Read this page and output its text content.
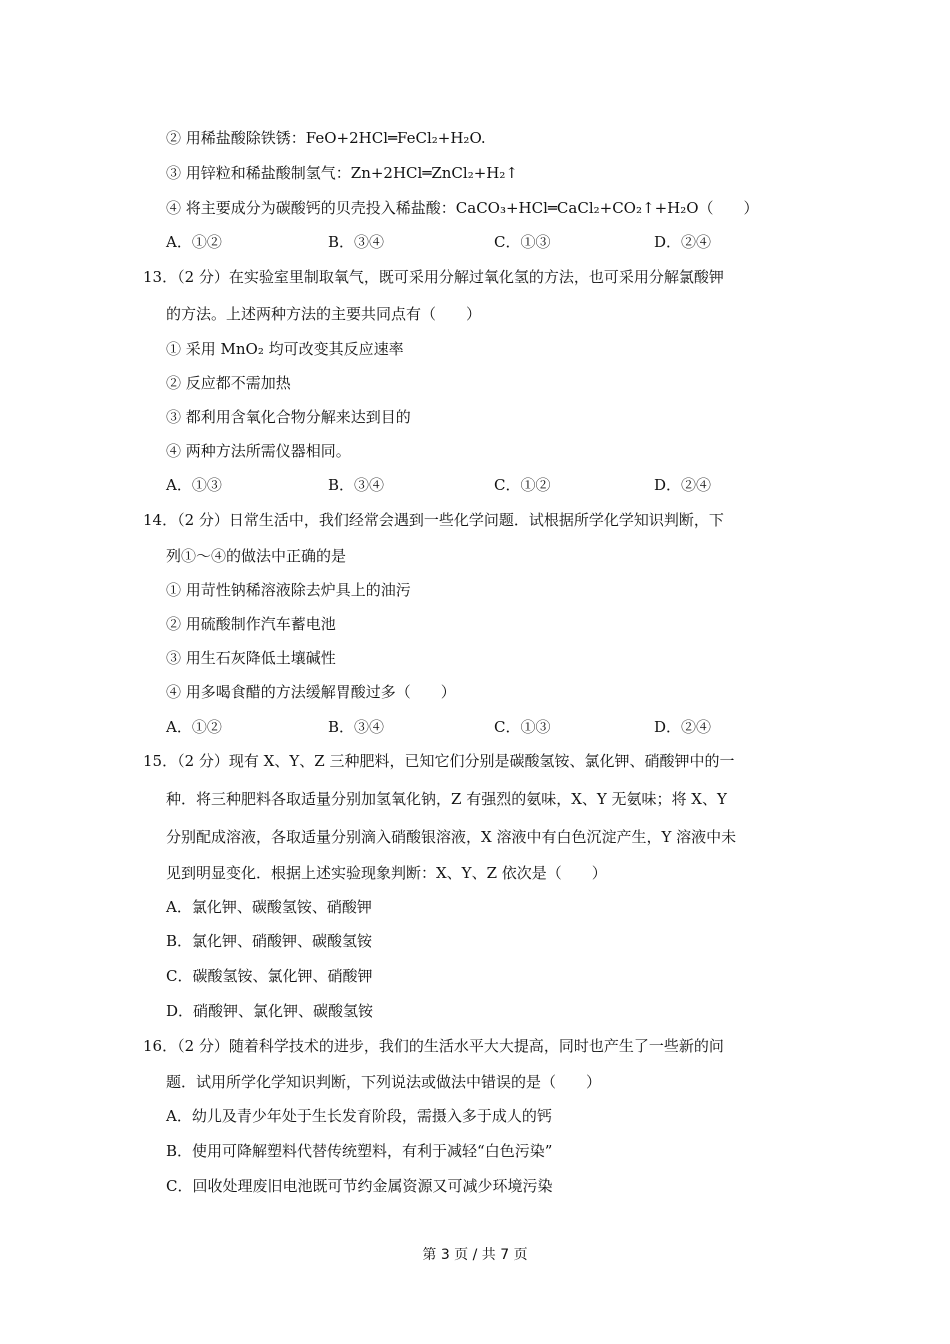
② 用稀盐酸除铁锈：FeO+2HCl═FeCl₂+H₂O.
③ 用锌粒和稀盐酸制氢气：Zn+2HCl═ZnCl₂+H₂↑
④ 将主要成分为碳酸钙的贝壳投入稀盐酸：CaCO₃+HCl═CaCl₂+CO₂↑+H₂O（　　）
A．①②	B．③④	C．①③	D．②④
13．（2 分）在实验室里制取氧气，既可采用分解过氧化氢的方法，也可采用分解氯酸钾
的方法。上述两种方法的主要共同点有（　　）
① 采用 MnO₂ 均可改变其反应速率
② 反应都不需加热
③ 都利用含氧化合物分解来达到目的
④ 两种方法所需仪器相同。
A．①③	B．③④	C．①②	D．②④
14．（2 分）日常生活中，我们经常会遇到一些化学问题．试根据所学化学知识判断，下
列①～④的做法中正确的是
① 用苛性钠稀溶液除去炉具上的油污
② 用硫酸制作汽车蓄电池
③ 用生石灰降低土壤碱性
④ 用多喝食醋的方法缓解胃酸过多（　　）
A．①②	B．③④	C．①③	D．②④
15．（2 分）现有 X、Y、Z 三种肥料，已知它们分别是碳酸氢铵、氯化钾、硝酸钾中的一
种．将三种肥料各取适量分别加氢氧化钠，Z 有强烈的氨味，X、Y 无氨味；将 X、Y
分别配成溶液，各取适量分别滴入硝酸银溶液，X 溶液中有白色沉淀产生，Y 溶液中未
见到明显变化．根据上述实验现象判断：X、Y、Z 依次是（　　）
A．氯化钾、碳酸氢铵、硝酸钾
B．氯化钾、硝酸钾、碳酸氢铵
C．碳酸氢铵、氯化钾、硝酸钾
D．硝酸钾、氯化钾、碳酸氢铵
16．（2 分）随着科学技术的进步，我们的生活水平大大提高，同时也产生了一些新的问
题．试用所学化学知识判断，下列说法或做法中错误的是（　　）
A．幼儿及青少年处于生长发育阶段，需摄入多于成人的钙
B．使用可降解塑料代替传统塑料，有利于减轻“白色污染”
C．回收处理废旧电池既可节约金属资源又可减少环境污染
第 3 页 / 共 7 页
